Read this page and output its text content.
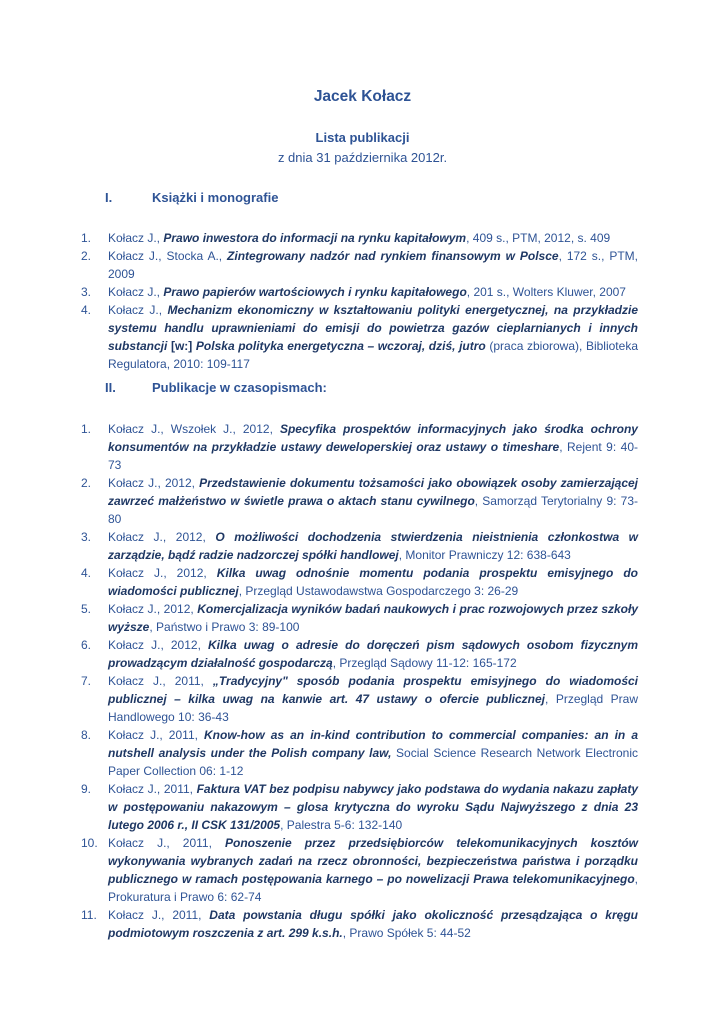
Jacek Kołacz
Lista publikacji
z dnia 31 października 2012r.
I.	Książki i monografie
1. Kołacz J., Prawo inwestora do informacji na rynku kapitałowym, 409 s., PTM, 2012, s. 409
2. Kołacz J., Stocka A., Zintegrowany nadzór nad rynkiem finansowym w Polsce, 172 s., PTM, 2009
3. Kołacz J., Prawo papierów wartościowych i rynku kapitałowego, 201 s., Wolters Kluwer, 2007
4. Kołacz J., Mechanizm ekonomiczny w kształtowaniu polityki energetycznej, na przykładzie systemu handlu uprawnieniami do emisji do powietrza gazów cieplarnianych i innych substancji [w:] Polska polityka energetyczna – wczoraj, dziś, jutro (praca zbiorowa), Biblioteka Regulatora, 2010: 109-117
II.	Publikacje w czasopismach:
1. Kołacz J., Wszołek J., 2012, Specyfika prospektów informacyjnych jako środka ochrony konsumentów na przykładzie ustawy deweloperskiej oraz ustawy o timeshare, Rejent 9: 40-73
2. Kołacz J., 2012, Przedstawienie dokumentu tożsamości jako obowiązek osoby zamierzającej zawrzeć małżeństwo w świetle prawa o aktach stanu cywilnego, Samorząd Terytorialny 9: 73-80
3. Kołacz J., 2012, O możliwości dochodzenia stwierdzenia nieistnienia członkostwa w zarządzie, bądź radzie nadzorczej spółki handlowej, Monitor Prawniczy 12: 638-643
4. Kołacz J., 2012, Kilka uwag odnośnie momentu podania prospektu emisyjnego do wiadomości publicznej, Przegląd Ustawodawstwa Gospodarczego 3: 26-29
5. Kołacz J., 2012, Komercjalizacja wyników badań naukowych i prac rozwojowych przez szkoły wyższe, Państwo i Prawo 3: 89-100
6. Kołacz J., 2012, Kilka uwag o adresie do doręczeń pism sądowych osobom fizycznym prowadzącym działalność gospodarczą, Przegląd Sądowy 11-12: 165-172
7. Kołacz J., 2011, „Tradycyjny" sposób podania prospektu emisyjnego do wiadomości publicznej – kilka uwag na kanwie art. 47 ustawy o ofercie publicznej, Przegląd Praw Handlowego 10: 36-43
8. Kołacz J., 2011, Know-how as an in-kind contribution to commercial companies: an in a nutshell analysis under the Polish company law, Social Science Research Network Electronic Paper Collection 06: 1-12
9. Kołacz J., 2011, Faktura VAT bez podpisu nabywcy jako podstawa do wydania nakazu zapłaty w postępowaniu nakazowym – glosa krytyczna do wyroku Sądu Najwyższego z dnia 23 lutego 2006 r., II CSK 131/2005, Palestra 5-6: 132-140
10. Kołacz J., 2011, Ponoszenie przez przedsiębiorców telekomunikacyjnych kosztów wykonywania wybranych zadań na rzecz obronności, bezpieczeństwa państwa i porządku publicznego w ramach postępowania karnego – po nowelizacji Prawa telekomunikacyjnego, Prokuratura i Prawo 6: 62-74
11. Kołacz J., 2011, Data powstania długu spółki jako okoliczność przesądzająca o kręgu podmiotowym roszczenia z art. 299 k.s.h., Prawo Spółek 5: 44-52
